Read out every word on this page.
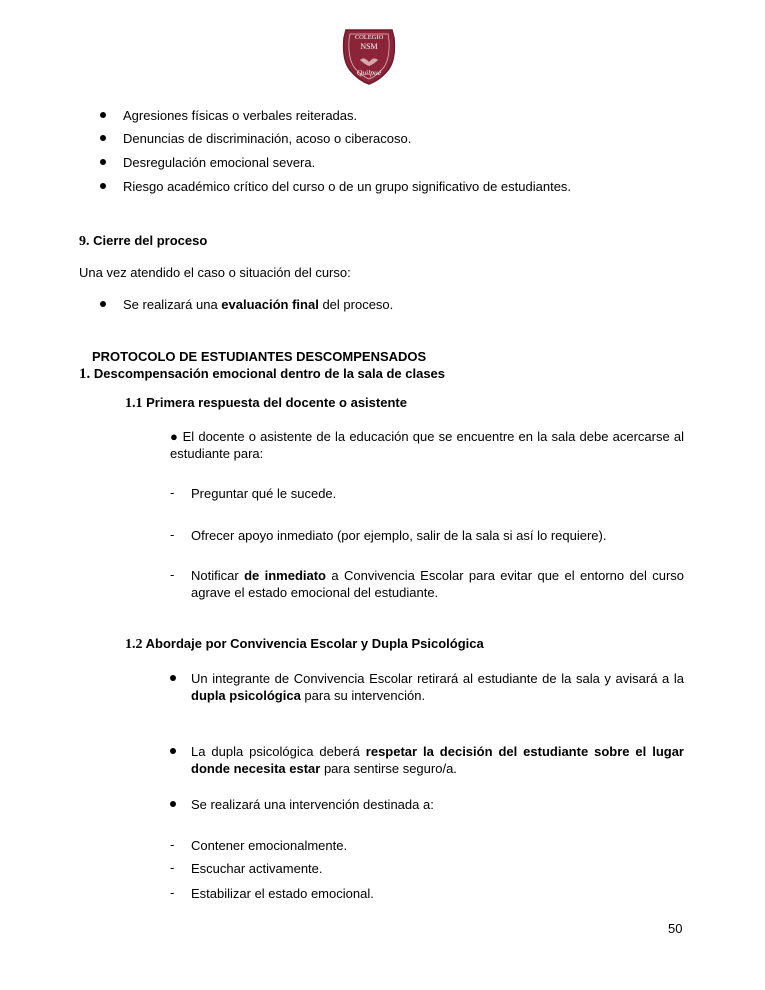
COLEGIO
NSM
Quilpué
Agresiones físicas o verbales reiteradas.
Denuncias de discriminación, acoso o ciberacoso.
Desregulación emocional severa.
Riesgo académico crítico del curso o de un grupo significativo de estudiantes.
9. Cierre del proceso
Una vez atendido el caso o situación del curso:
Se realizará una evaluación final del proceso.
PROTOCOLO DE ESTUDIANTES DESCOMPENSADOS
1. Descompensación emocional dentro de la sala de clases
1.1 Primera respuesta del docente o asistente
● El docente o asistente de la educación que se encuentre en la sala debe acercarse al estudiante para:
-	Preguntar qué le sucede.
-	Ofrecer apoyo inmediato (por ejemplo, salir de la sala si así lo requiere).
-	Notificar de inmediato a Convivencia Escolar para evitar que el entorno del curso agrave el estado emocional del estudiante.
1.2 Abordaje por Convivencia Escolar y Dupla Psicológica
Un integrante de Convivencia Escolar retirará al estudiante de la sala y avisará a la dupla psicológica para su intervención.
La dupla psicológica deberá respetar la decisión del estudiante sobre el lugar donde necesita estar para sentirse seguro/a.
Se realizará una intervención destinada a:
-	Contener emocionalmente.
-	Escuchar activamente.
-	Estabilizar el estado emocional.
50
